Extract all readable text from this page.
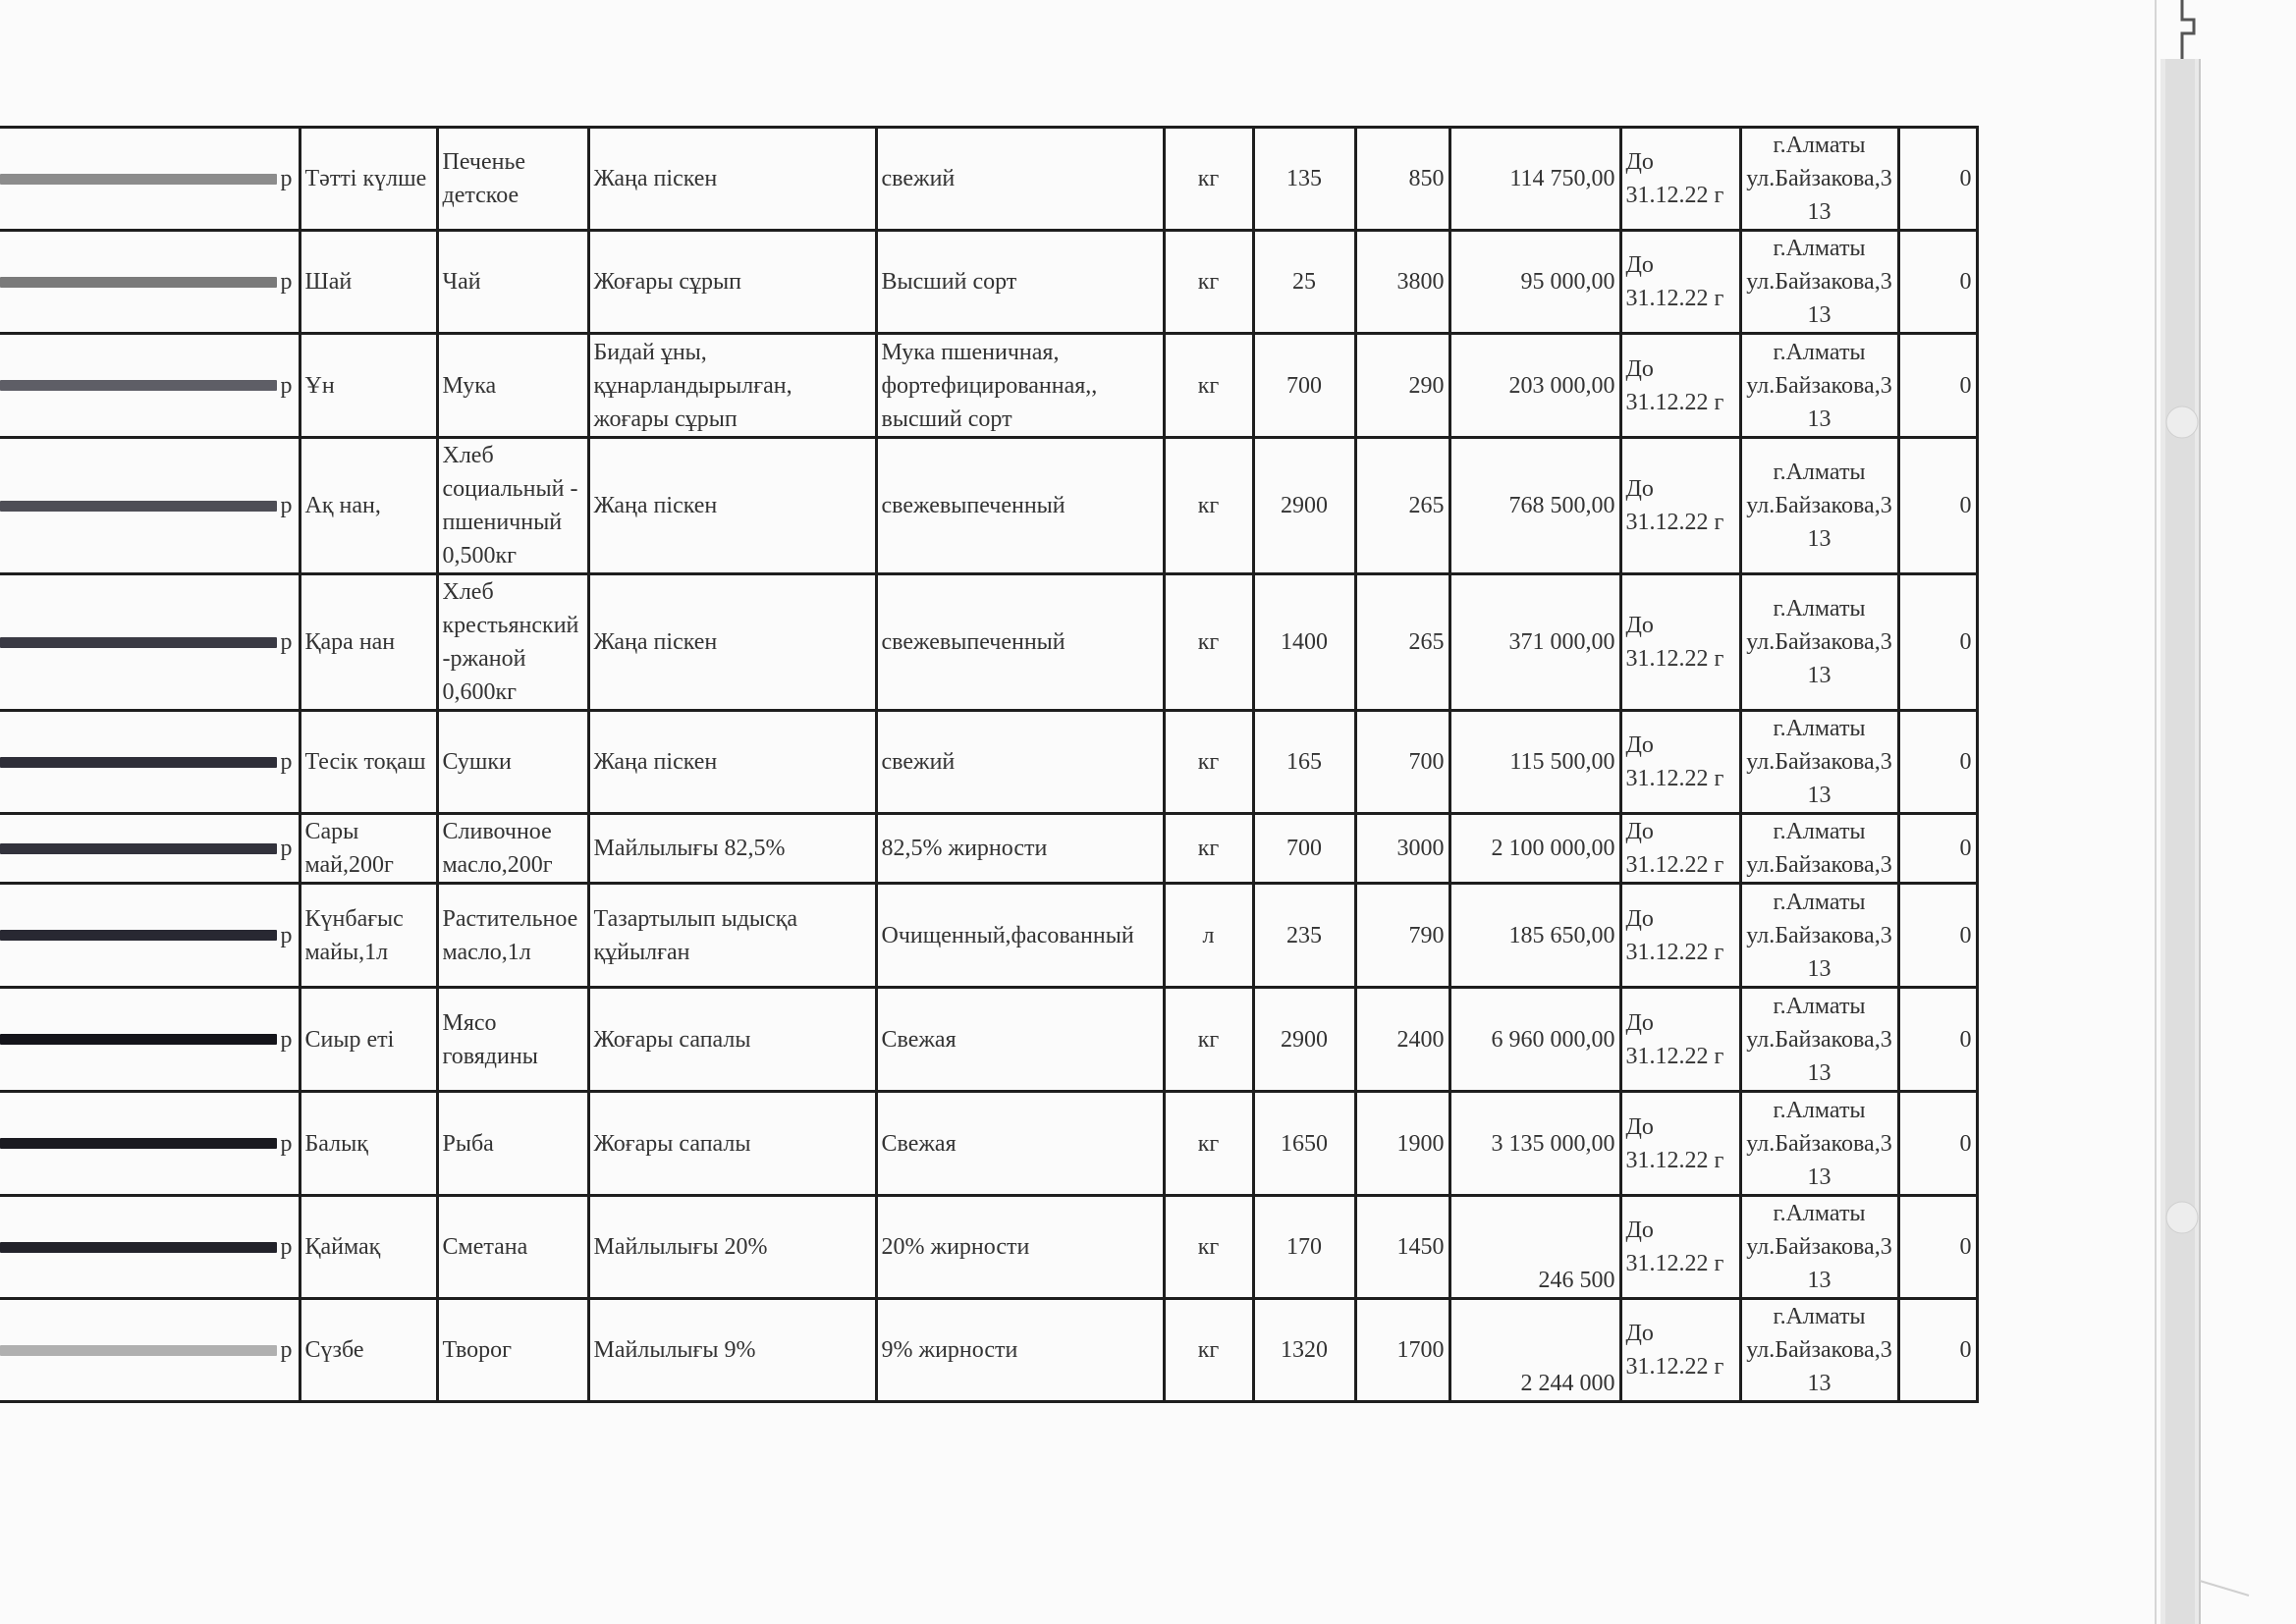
р	Тәтті күлше	Печенье детское	Жаңа піскен	свежий	кг	135	850	114 750,00	До 31.12.22 г	г.Алматы ул.Байзакова,3 13	0

р	Шай	Чай	Жоғары сұрып	Высший сорт	кг	25	3800	95 000,00	До 31.12.22 г	г.Алматы ул.Байзакова,3 13	0

р	Ұн	Мука	Бидай ұны, құнарландырылған, жоғары сұрып	Мука пшеничная, фортефицированная,, высший сорт	кг	700	290	203 000,00	До 31.12.22 г	г.Алматы ул.Байзакова,3 13	0

р	Ақ нан,	Хлеб социальный - пшеничный 0,500кг	Жаңа піскен	свежевыпеченный	кг	2900	265	768 500,00	До 31.12.22 г	г.Алматы ул.Байзакова,3 13	0

р	Қара нан	Хлеб крестьянский -ржаной 0,600кг	Жаңа піскен	свежевыпеченный	кг	1400	265	371 000,00	До 31.12.22 г	г.Алматы ул.Байзакова,3 13	0

р	Тесік тоқаш	Сушки	Жаңа піскен	свежий	кг	165	700	115 500,00	До 31.12.22 г	г.Алматы ул.Байзакова,3 13	0

р	Сары май,200г	Сливочное масло,200г	Майлылығы 82,5%	82,5% жирности	кг	700	3000	2 100 000,00	До 31.12.22 г	г.Алматы ул.Байзакова,3	0

р	Күнбағыс майы,1л	Растительное масло,1л	Тазартылып ыдысқа құйылған	Очищенный,фасованный	л	235	790	185 650,00	До 31.12.22 г	г.Алматы ул.Байзакова,3 13	0

р	Сиыр еті	Мясо говядины	Жоғары сапалы	Свежая	кг	2900	2400	6 960 000,00	До 31.12.22 г	г.Алматы ул.Байзакова,3 13	0

р	Балық	Рыба	Жоғары сапалы	Свежая	кг	1650	1900	3 135 000,00	До 31.12.22 г	г.Алматы ул.Байзакова,3 13	0

р	Қаймақ	Сметана	Майлылығы 20%	20% жирности	кг	170	1450	246 500	До 31.12.22 г	г.Алматы ул.Байзакова,3 13	0

р	Сүзбе	Творог	Майлылығы 9%	9% жирности	кг	1320	1700	2 244 000	До 31.12.22 г	г.Алматы ул.Байзакова,3 13	0
